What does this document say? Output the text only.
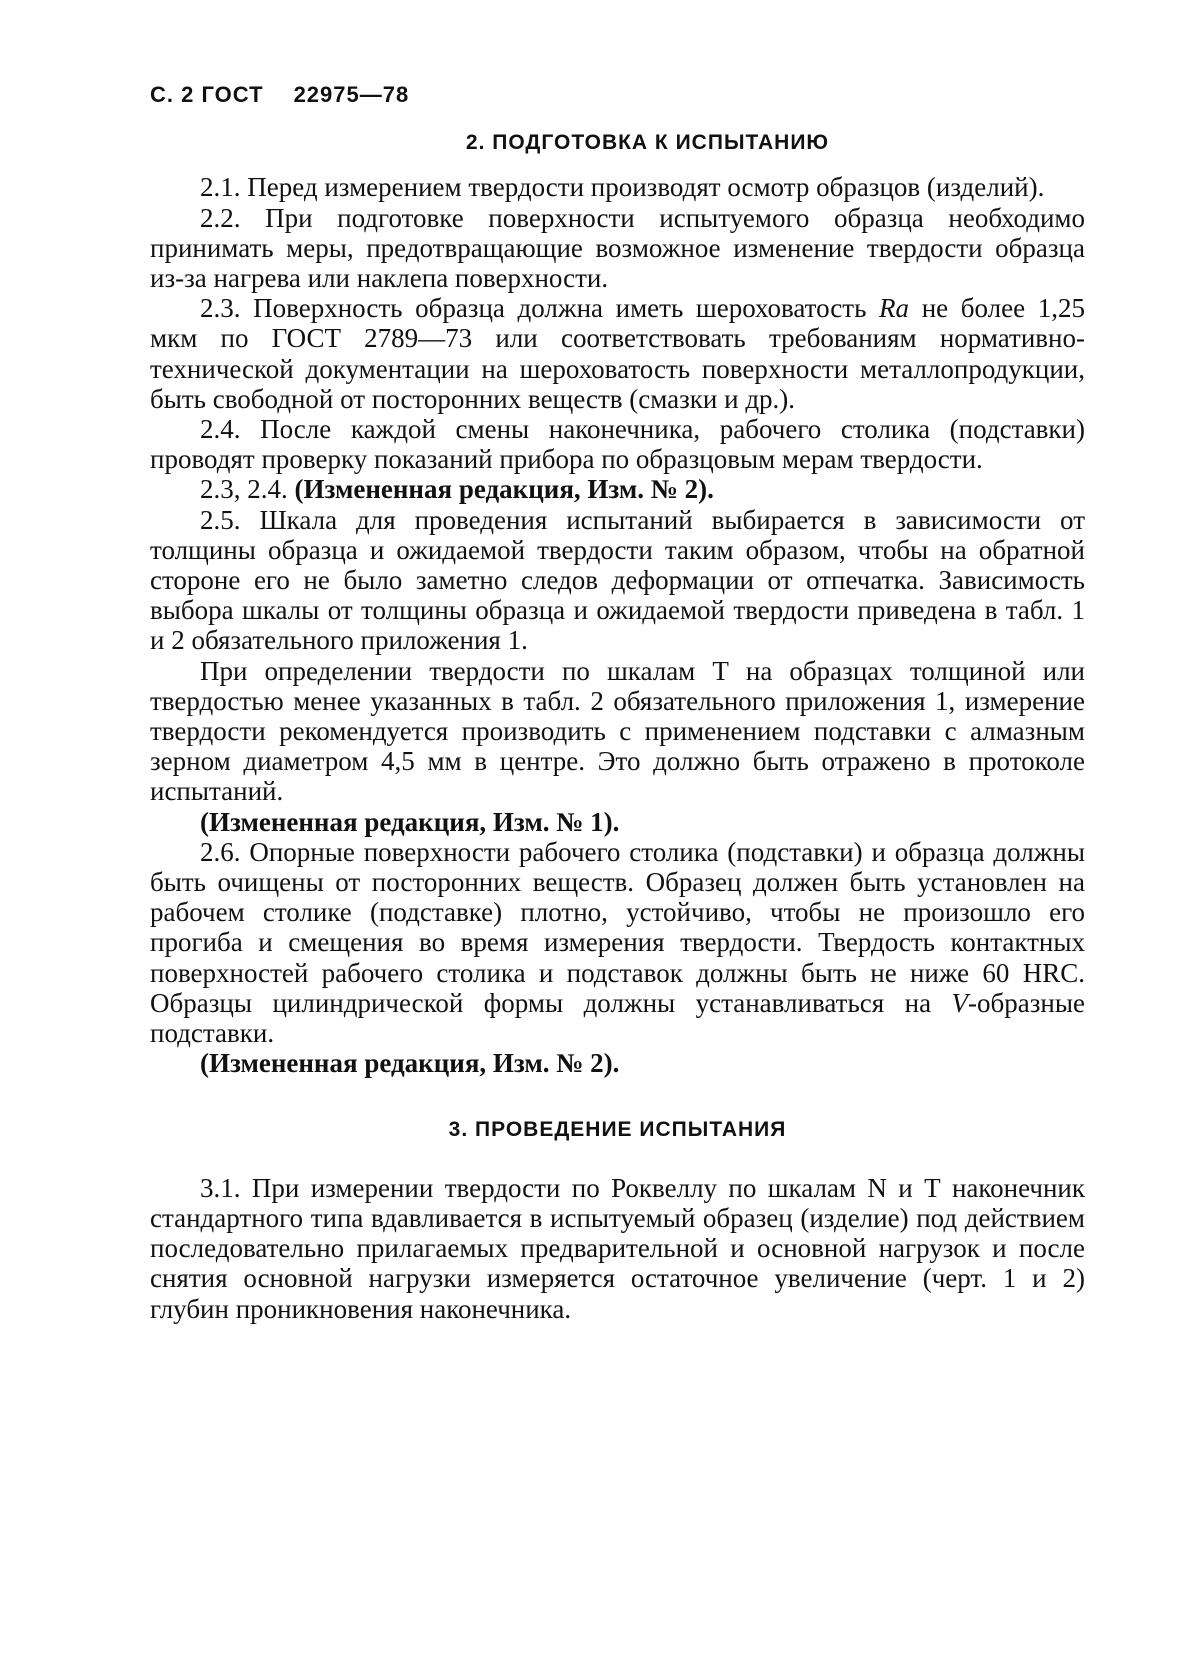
С. 2 ГОСТ 22975—78
2. ПОДГОТОВКА К ИСПЫТАНИЮ

2.1. Перед измерением твердости производят осмотр образцов (изделий).

2.2. При подготовке поверхности испытуемого образца необходимо принимать меры, предотвращающие возможное изменение твердости образца из-за нагрева или наклепа поверхности.

2.3. Поверхность образца должна иметь шероховатость Ra не более 1,25 мкм по ГОСТ 2789—73 или соответствовать требованиям нормативно-технической документации на шероховатость поверхности металлопродукции, быть свободной от посторонних веществ (смазки и др.).

2.4. После каждой смены наконечника, рабочего столика (подставки) проводят проверку показаний прибора по образцовым мерам твердости.

2.3, 2.4. (Измененная редакция, Изм. № 2).

2.5. Шкала для проведения испытаний выбирается в зависимости от толщины образца и ожидаемой твердости таким образом, чтобы на обратной стороне его не было заметно следов деформации от отпечатка. Зависимость выбора шкалы от толщины образца и ожидаемой твердости приведена в табл. 1 и 2 обязательного приложения 1.

При определении твердости по шкалам Т на образцах толщиной или твердостью менее указанных в табл. 2 обязательного приложения 1, измерение твердости рекомендуется производить с применением подставки с алмазным зерном диаметром 4,5 мм в центре. Это должно быть отражено в протоколе испытаний.

(Измененная редакция, Изм. № 1).

2.6. Опорные поверхности рабочего столика (подставки) и образца должны быть очищены от посторонних веществ. Образец должен быть установлен на рабочем столике (подставке) плотно, устойчиво, чтобы не произошло его прогиба и смещения во время измерения твердости. Твердость контактных поверхностей рабочего столика и подставок должны быть не ниже 60 HRC. Образцы цилиндрической формы должны устанавливаться на V-образные подставки.

(Измененная редакция, Изм. № 2).

3. ПРОВЕДЕНИЕ ИСПЫТАНИЯ

3.1. При измерении твердости по Роквеллу по шкалам N и Т наконечник стандартного типа вдавливается в испытуемый образец (изделие) под действием последовательно прилагаемых предварительной и основной нагрузок и после снятия основной нагрузки измеряется остаточное увеличение (черт. 1 и 2) глубин проникновения наконечника.
